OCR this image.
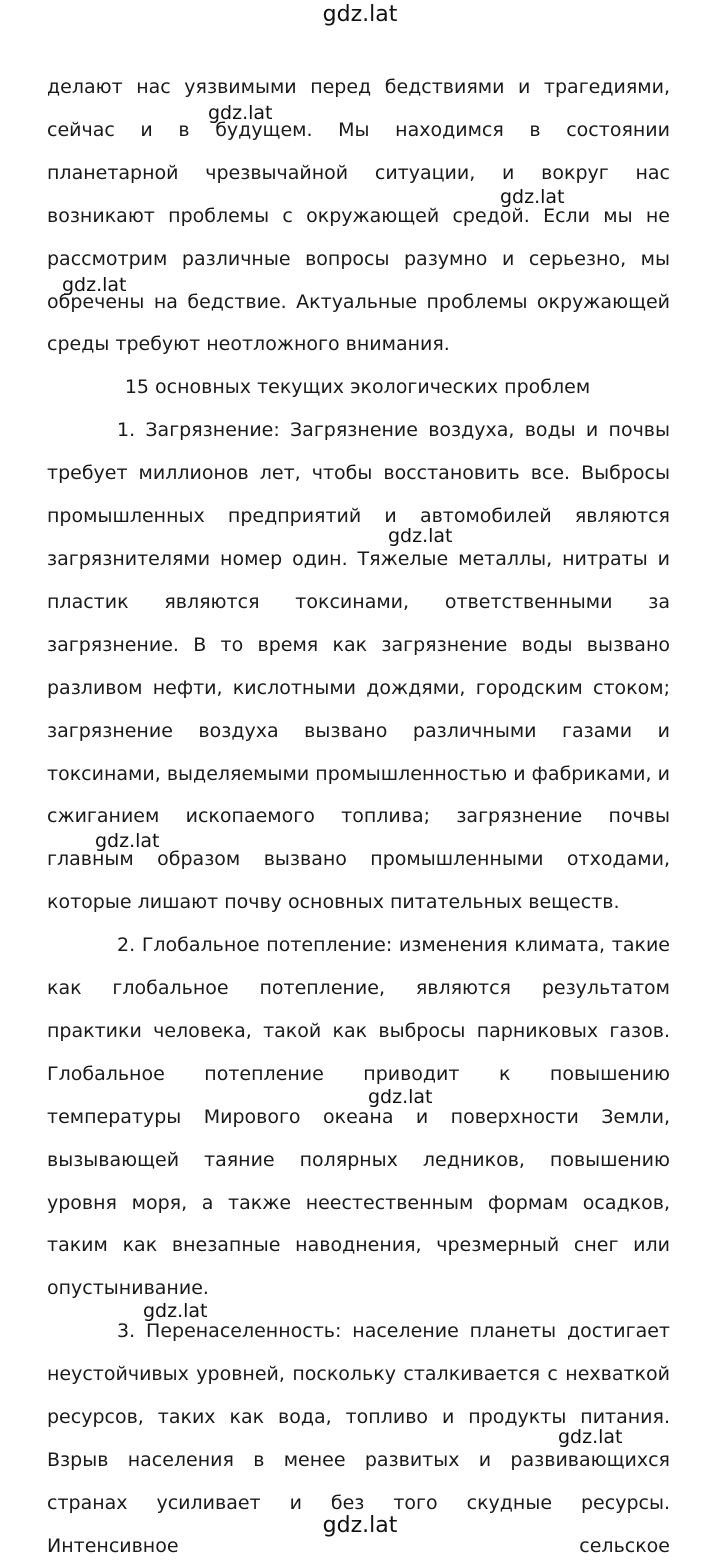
gdz.lat

делают нас уязвимыми перед бедствиями и трагедиями, сейчас и в будущем. Мы находимся в состоянии планетарной чрезвычайной ситуации, и вокруг нас возникают проблемы с окружающей средой. Если мы не рассмотрим различные вопросы разумно и серьезно, мы обречены на бедствие. Актуальные проблемы окружающей среды требуют неотложного внимания.

15 основных текущих экологических проблем

1. Загрязнение: Загрязнение воздуха, воды и почвы требует миллионов лет, чтобы восстановить все. Выбросы промышленных предприятий и автомобилей являются загрязнителями номер один. Тяжелые металлы, нитраты и пластик являются токсинами, ответственными за загрязнение. В то время как загрязнение воды вызвано разливом нефти, кислотными дождями, городским стоком; загрязнение воздуха вызвано различными газами и токсинами, выделяемыми промышленностью и фабриками, и сжиганием ископаемого топлива; загрязнение почвы главным образом вызвано промышленными отходами, которые лишают почву основных питательных веществ.

2. Глобальное потепление: изменения климата, такие как глобальное потепление, являются результатом практики человека, такой как выбросы парниковых газов. Глобальное потепление приводит к повышению температуры Мирового океана и поверхности Земли, вызывающей таяние полярных ледников, повышению уровня моря, а также неестественным формам осадков, таким как внезапные наводнения, чрезмерный снег или опустынивание.

3. Перенаселенность: население планеты достигает неустойчивых уровней, поскольку сталкивается с нехваткой ресурсов, таких как вода, топливо и продукты питания. Взрыв населения в менее развитых и развивающихся странах усиливает и без того скудные ресурсы. Интенсивное сельское

gdz.lat
gdz.lat
gdz.lat
gdz.lat
gdz.lat
gdz.lat
gdz.lat
gdz.lat
gdz.lat
